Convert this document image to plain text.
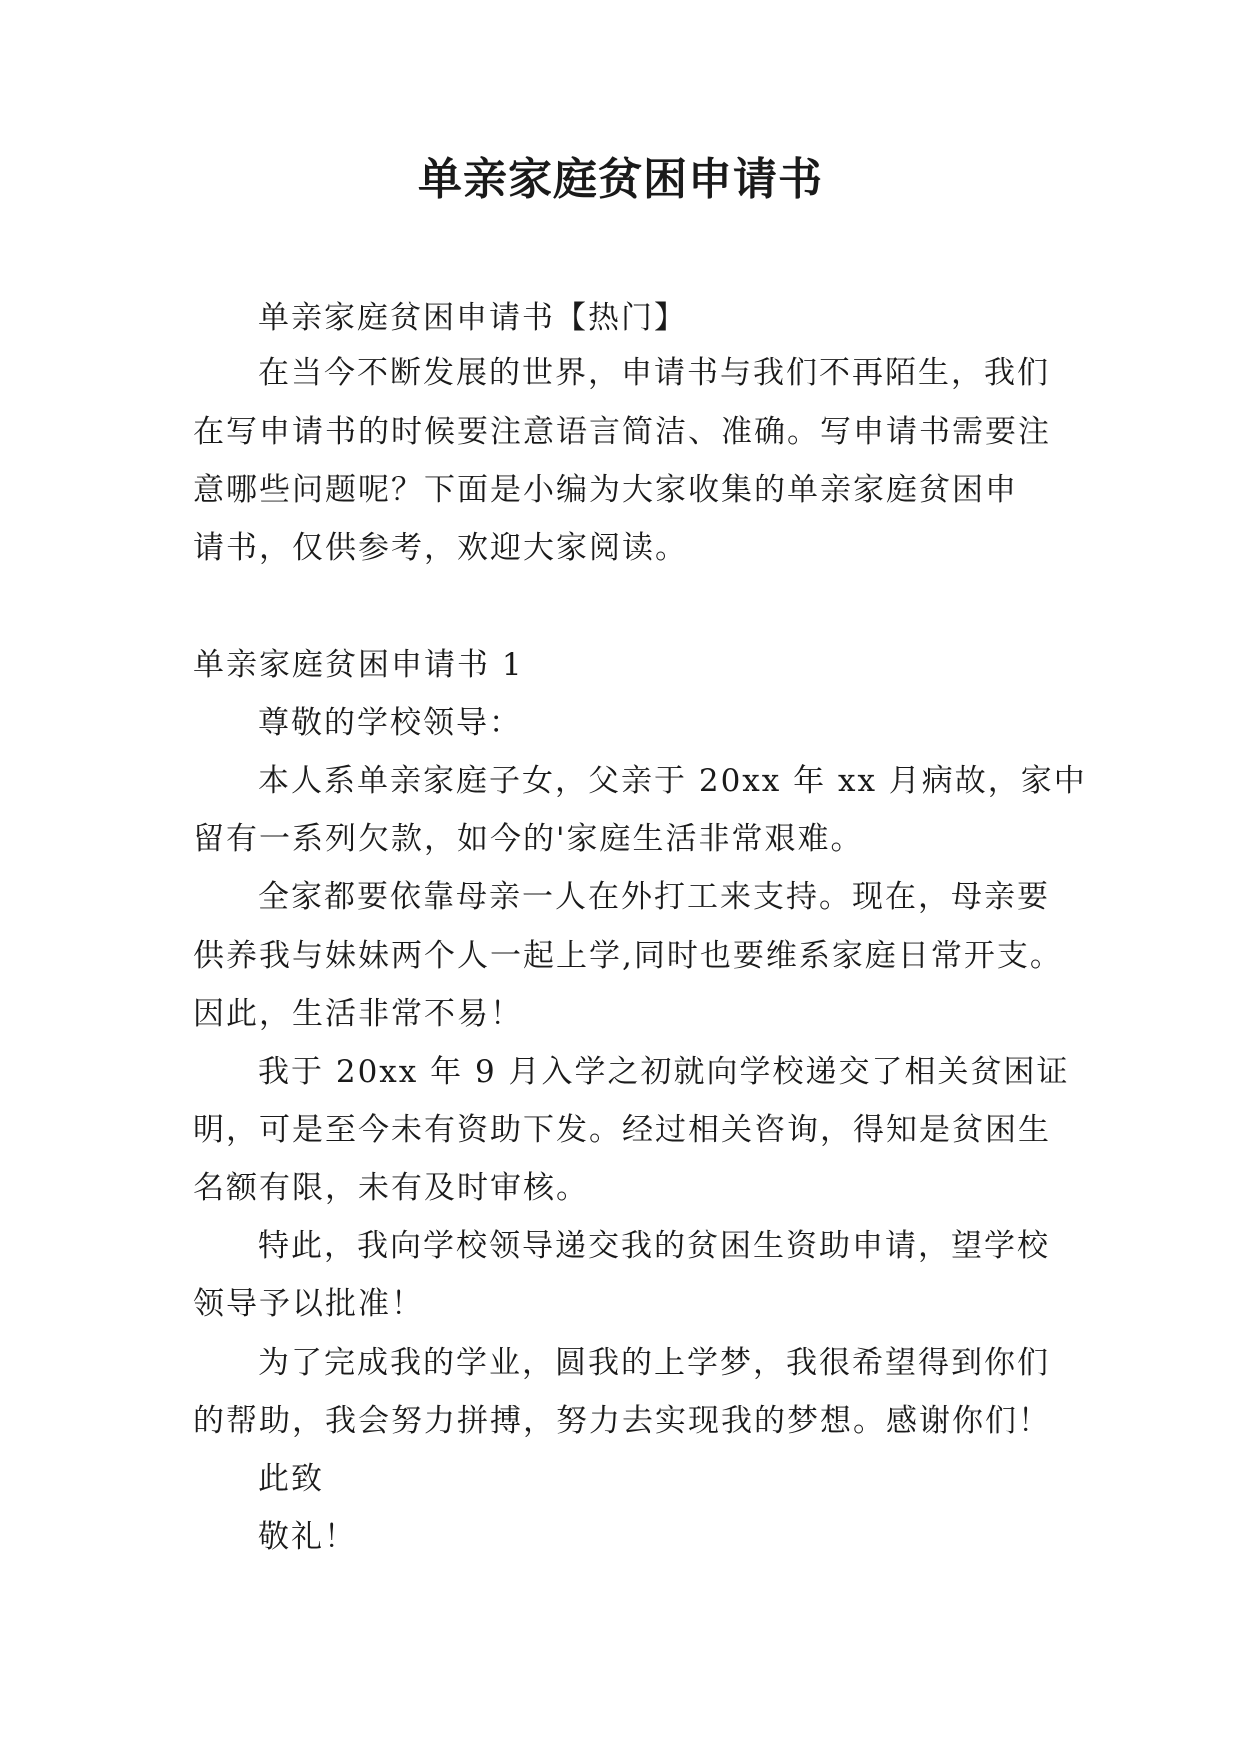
单亲家庭贫困申请书
单亲家庭贫困申请书【热门】
在当今不断发展的世界，申请书与我们不再陌生，我们
在写申请书的时候要注意语言简洁、准确。写申请书需要注
意哪些问题呢？下面是小编为大家收集的单亲家庭贫困申
请书，仅供参考，欢迎大家阅读。
单亲家庭贫困申请书 1
尊敬的学校领导：
本人系单亲家庭子女，父亲于 20xx 年 xx 月病故，家中
留有一系列欠款，如今的'家庭生活非常艰难。
全家都要依靠母亲一人在外打工来支持。现在，母亲要
供养我与妹妹两个人一起上学,同时也要维系家庭日常开支。
因此，生活非常不易！
我于 20xx 年 9 月入学之初就向学校递交了相关贫困证
明，可是至今未有资助下发。经过相关咨询，得知是贫困生
名额有限，未有及时审核。
特此，我向学校领导递交我的贫困生资助申请，望学校
领导予以批准！
为了完成我的学业，圆我的上学梦，我很希望得到你们
的帮助，我会努力拼搏，努力去实现我的梦想。感谢你们！
此致
敬礼！
